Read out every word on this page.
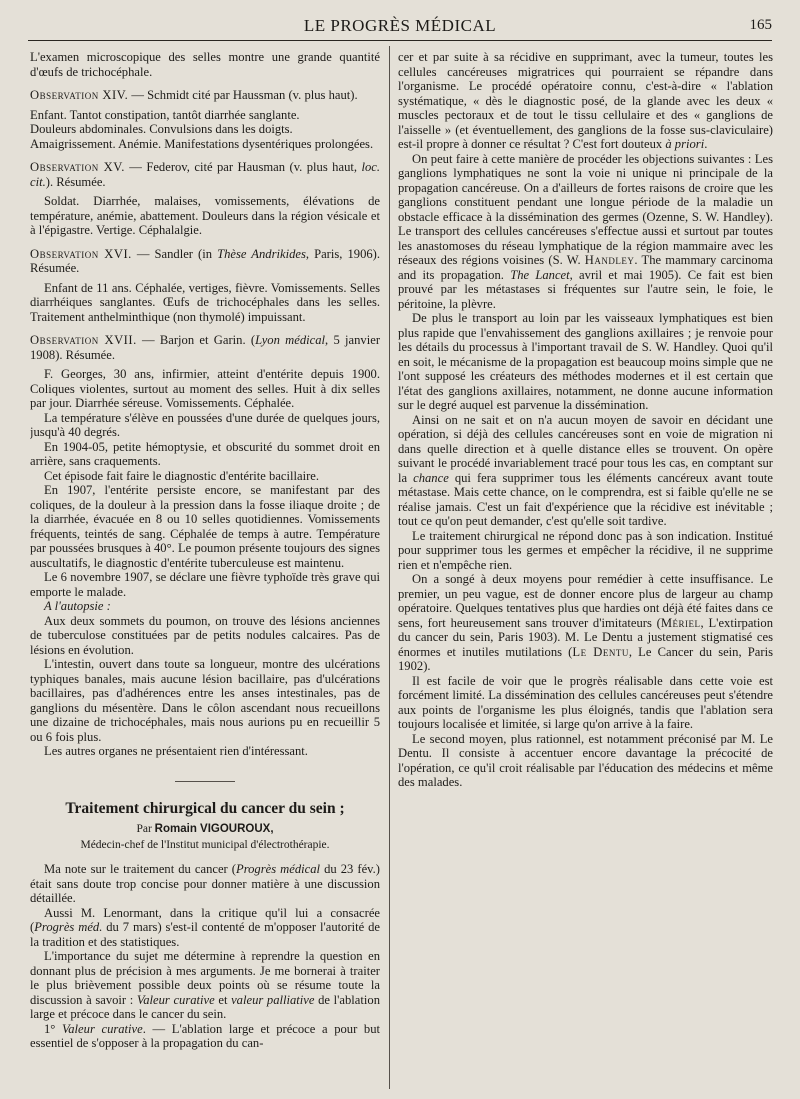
LE PROGRÈS MÉDICAL	165

L'examen microscopique des selles montre une grande quantité d'œufs de trichocéphale.

Observation XIV. — Schmidt cité par Haussman (v. plus haut).

Enfant. Tantot constipation, tantôt diarrhée sanglante.

Douleurs abdominales. Convulsions dans les doigts.

Amaigrissement. Anémie. Manifestations dysentériques prolongées.

Observation XV. — Federov, cité par Hausman (v. plus haut, loc. cit.). Résumée.

Soldat. Diarrhée, malaises, vomissements, élévations de température, anémie, abattement. Douleurs dans la région vésicale et à l'épigastre. Vertige. Céphalalgie.

Observation XVI. — Sandler (in Thèse Andrikides, Paris, 1906). Résumée.

Enfant de 11 ans. Céphalée, vertiges, fièvre. Vomissements. Selles diarrhéiques sanglantes. Œufs de trichocéphales dans les selles. Traitement anthelminthique (non thymolé) impuissant.

Observation XVII. — Barjon et Garin. (Lyon médical, 5 janvier 1908). Résumée.

F. Georges, 30 ans, infirmier, atteint d'entérite depuis 1900. Coliques violentes, surtout au moment des selles. Huit à dix selles par jour. Diarrhée séreuse. Vomissements. Céphalée.

La température s'élève en poussées d'une durée de quelques jours, jusqu'à 40 degrés.

En 1904-05, petite hémoptysie, et obscurité du sommet droit en arrière, sans craquements.

Cet épisode fait faire le diagnostic d'entérite bacillaire.

En 1907, l'entérite persiste encore, se manifestant par des coliques, de la douleur à la pression dans la fosse iliaque droite ; de la diarrhée, évacuée en 8 ou 10 selles quotidiennes. Vomissements fréquents, teintés de sang. Céphalée de temps à autre. Température par poussées brusques à 40°. Le poumon présente toujours des signes auscultatifs, le diagnostic d'entérite tuberculeuse est maintenu.

Le 6 novembre 1907, se déclare une fièvre typhoïde très grave qui emporte le malade.

A l'autopsie :

Aux deux sommets du poumon, on trouve des lésions anciennes de tuberculose constituées par de petits nodules calcaires. Pas de lésions en évolution.

L'intestin, ouvert dans toute sa longueur, montre des ulcérations typhiques banales, mais aucune lésion bacillaire, pas d'ulcérations bacillaires, pas d'adhérences entre les anses intestinales, pas de ganglions du mésentère. Dans le côlon ascendant nous recueillons une dizaine de trichocéphales, mais nous aurions pu en recueillir 5 ou 6 fois plus.

Les autres organes ne présentaient rien d'intéressant.

Traitement chirurgical du cancer du sein ;

Par Romain VIGOUROUX,

Médecin-chef de l'Institut municipal d'électrothérapie.

Ma note sur le traitement du cancer (Progrès médical du 23 fév.) était sans doute trop concise pour donner matière à une discussion détaillée.

Aussi M. Lenormant, dans la critique qu'il lui a consacrée (Progrès méd. du 7 mars) s'est-il contenté de m'opposer l'autorité de la tradition et des statistiques.

L'importance du sujet me détermine à reprendre la question en donnant plus de précision à mes arguments. Je me bornerai à traiter le plus brièvement possible deux points où se résume toute la discussion à savoir : Valeur curative et valeur palliative de l'ablation large et précoce dans le cancer du sein.

1° Valeur curative. — L'ablation large et précoce a pour but essentiel de s'opposer à la propagation du can-

cer et par suite à sa récidive en supprimant, avec la tumeur, toutes les cellules cancéreuses migratrices qui pourraient se répandre dans l'organisme. Le procédé opératoire connu, c'est-à-dire « l'ablation systématique, « dès le diagnostic posé, de la glande avec les deux « muscles pectoraux et de tout le tissu cellulaire et des « ganglions de l'aisselle » (et éventuellement, des ganglions de la fosse sus-claviculaire) est-il propre à donner ce résultat ? C'est fort douteux à priori.

On peut faire à cette manière de procéder les objections suivantes : Les ganglions lymphatiques ne sont la voie ni unique ni principale de la propagation cancéreuse. On a d'ailleurs de fortes raisons de croire que les ganglions constituent pendant une longue période de la maladie un obstacle efficace à la dissémination des germes (Ozenne, S. W. Handley). Le transport des cellules cancéreuses s'effectue aussi et surtout par toutes les anastomoses du réseau lymphatique de la région mammaire avec les réseaux des régions voisines (S. W. Handley. The mammary carcinoma and its propagation. The Lancet, avril et mai 1905). Ce fait est bien prouvé par les métastases si fréquentes sur l'autre sein, le foie, le péritoine, la plèvre.

De plus le transport au loin par les vaisseaux lymphatiques est bien plus rapide que l'envahissement des ganglions axillaires ; je renvoie pour les détails du processus à l'important travail de S. W. Handley. Quoi qu'il en soit, le mécanisme de la propagation est beaucoup moins simple que ne l'ont supposé les créateurs des méthodes modernes et il est certain que l'état des ganglions axillaires, notamment, ne donne aucune information sur le degré auquel est parvenue la dissémination.

Ainsi on ne sait et on n'a aucun moyen de savoir en décidant une opération, si déjà des cellules cancéreuses sont en voie de migration ni dans quelle direction et à quelle distance elles se trouvent. On opère suivant le procédé invariablement tracé pour tous les cas, en comptant sur la chance qui fera supprimer tous les éléments cancéreux avant toute métastase. Mais cette chance, on le comprendra, est si faible qu'elle ne se réalise jamais. C'est un fait d'expérience que la récidive est inévitable ; tout ce qu'on peut demander, c'est qu'elle soit tardive.

Le traitement chirurgical ne répond donc pas à son indication. Institué pour supprimer tous les germes et empêcher la récidive, il ne supprime rien et n'empêche rien.

On a songé à deux moyens pour remédier à cette insuffisance. Le premier, un peu vague, est de donner encore plus de largeur au champ opératoire. Quelques tentatives plus que hardies ont déjà été faites dans ce sens, fort heureusement sans trouver d'imitateurs (Mériel, L'extirpation du cancer du sein, Paris 1903). M. Le Dentu a justement stigmatisé ces énormes et inutiles mutilations (Le Dentu, Le Cancer du sein, Paris 1902).

Il est facile de voir que le progrès réalisable dans cette voie est forcément limité. La dissémination des cellules cancéreuses peut s'étendre aux points de l'organisme les plus éloignés, tandis que l'ablation sera toujours localisée et limitée, si large qu'on arrive à la faire.

Le second moyen, plus rationnel, est notamment préconisé par M. Le Dentu. Il consiste à accentuer encore davantage la précocité de l'opération, ce qu'il croit réalisable par l'éducation des médecins et même des malades.
